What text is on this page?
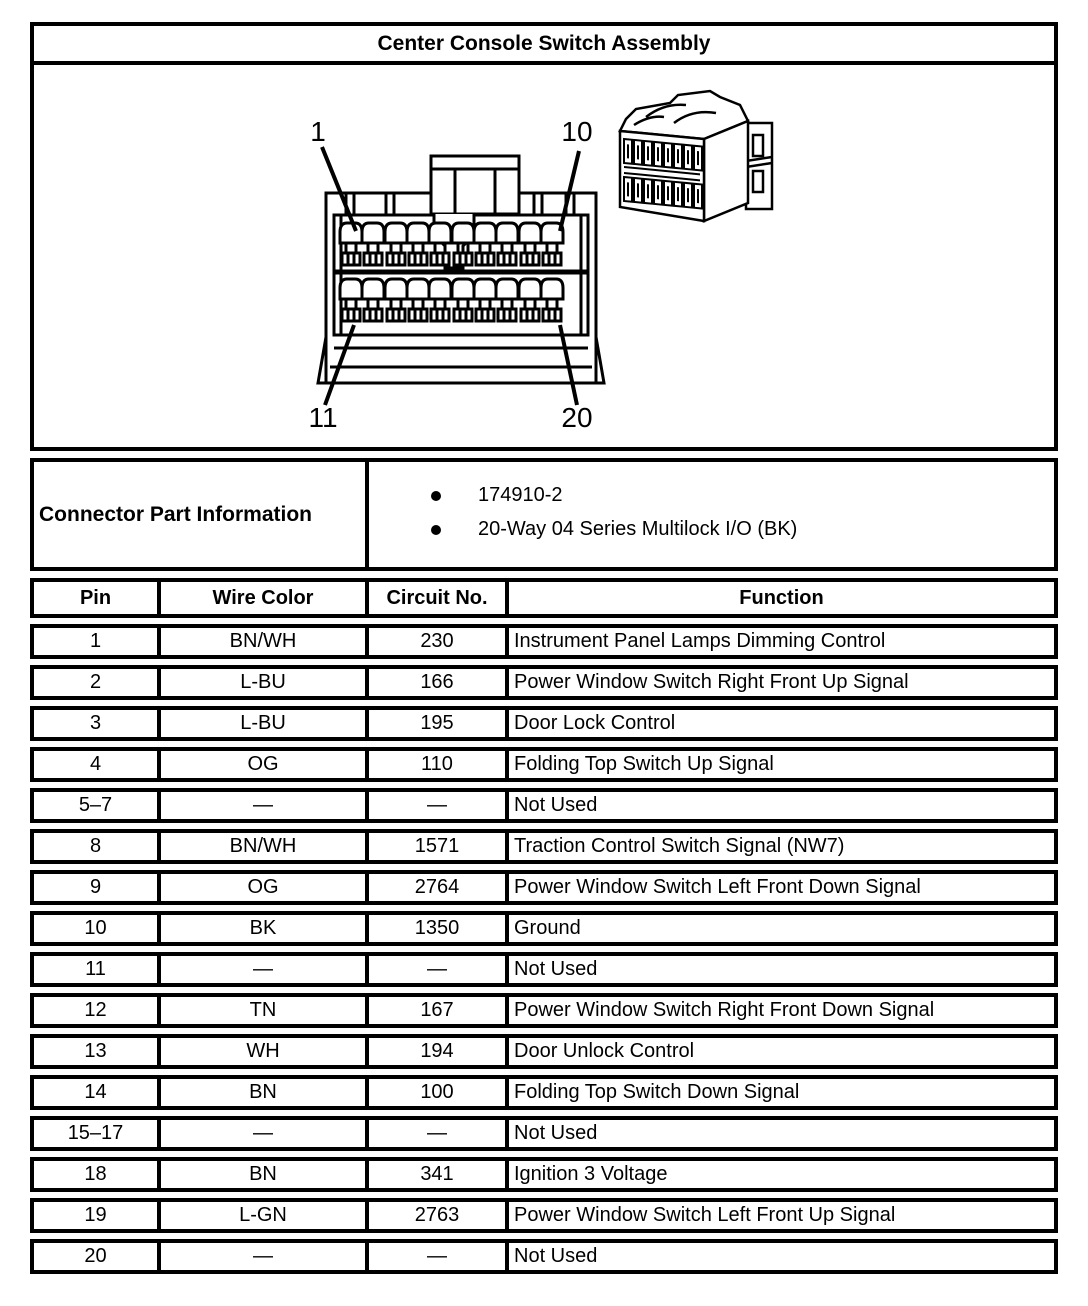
Center Console Switch Assembly
1	10
11	20
Connector Part Information
174910-2
20-Way 04 Series Multilock I/O (BK)
Pin	Wire Color	Circuit No.	Function
1	BN/WH	230	Instrument Panel Lamps Dimming Control
2	L-BU	166	Power Window Switch Right Front Up Signal
3	L-BU	195	Door Lock Control
4	OG	110	Folding Top Switch Up Signal
5–7	—	—	Not Used
8	BN/WH	1571	Traction Control Switch Signal (NW7)
9	OG	2764	Power Window Switch Left Front Down Signal
10	BK	1350	Ground
11	—	—	Not Used
12	TN	167	Power Window Switch Right Front Down Signal
13	WH	194	Door Unlock Control
14	BN	100	Folding Top Switch Down Signal
15–17	—	—	Not Used
18	BN	341	Ignition 3 Voltage
19	L-GN	2763	Power Window Switch Left Front Up Signal
20	—	—	Not Used
